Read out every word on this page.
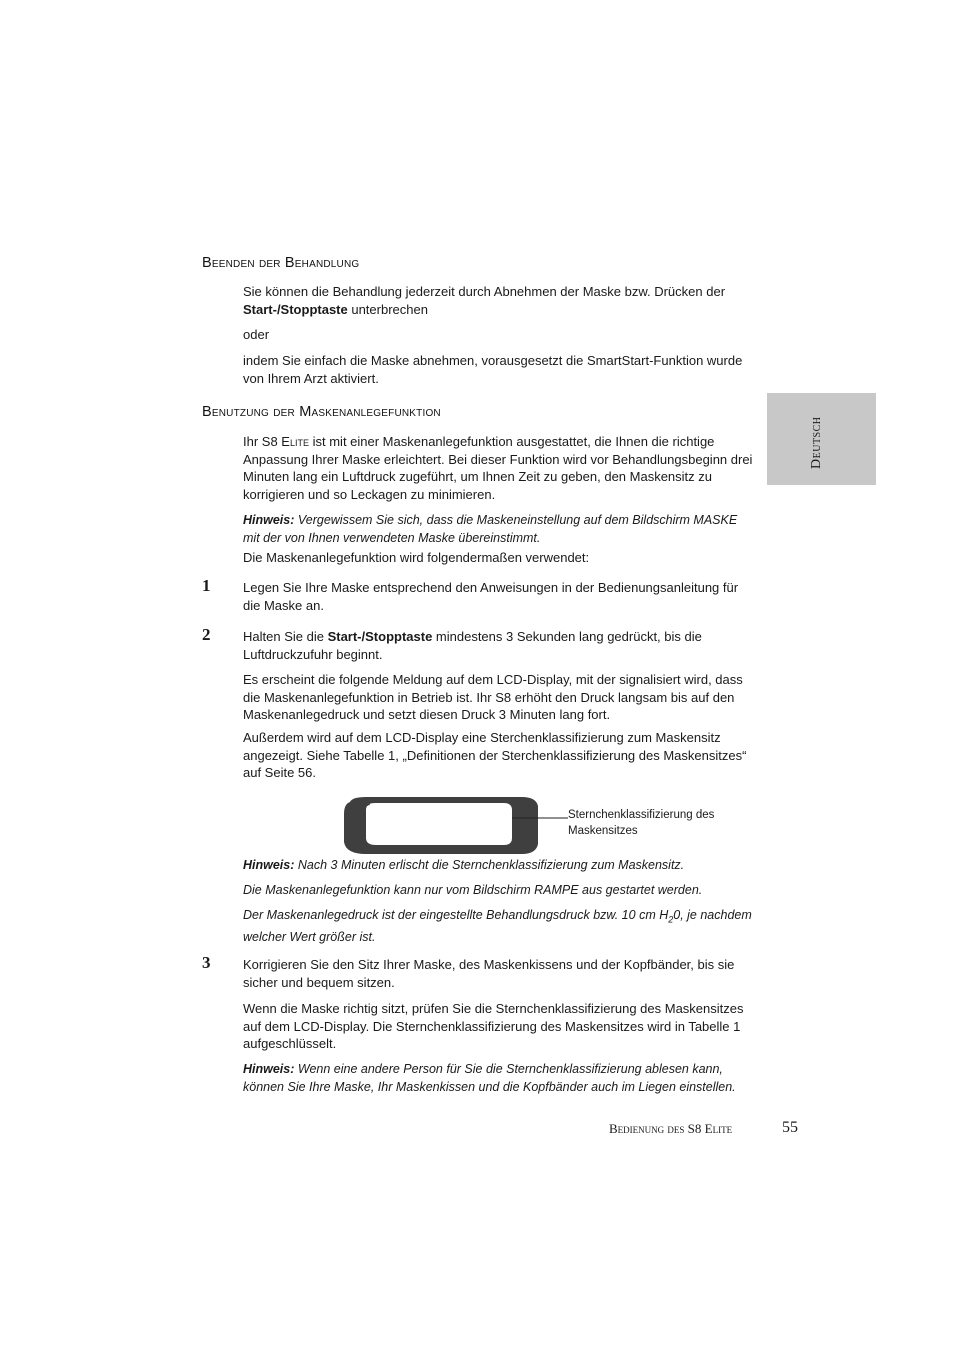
Beenden der Behandlung

Sie können die Behandlung jederzeit durch Abnehmen der Maske bzw. Drücken der Start-/Stopptaste unterbrechen

oder

indem Sie einfach die Maske abnehmen, vorausgesetzt die SmartStart-Funktion wurde von Ihrem Arzt aktiviert.

Deutsch
Benutzung der Maskenanlegefunktion

Ihr S8 Elite ist mit einer Maskenanlegefunktion ausgestattet, die Ihnen die richtige Anpassung Ihrer Maske erleichtert. Bei dieser Funktion wird vor Behandlungsbeginn drei Minuten lang ein Luftdruck zugeführt, um Ihnen Zeit zu geben, den Maskensitz zu korrigieren und so Leckagen zu minimieren.

Hinweis: Vergewissem Sie sich, dass die Maskeneinstellung auf dem Bildschirm MASKE mit der von Ihnen verwendeten Maske übereinstimmt.

Die Maskenanlegefunktion wird folgendermaßen verwendet:

1	Legen Sie Ihre Maske entsprechend den Anweisungen in der Bedienungsanleitung für die Maske an.

2	Halten Sie die Start-/Stopptaste mindestens 3 Sekunden lang gedrückt, bis die Luftdruckzufuhr beginnt.

Es erscheint die folgende Meldung auf dem LCD-Display, mit der signalisiert wird, dass die Maskenanlegefunktion in Betrieb ist. Ihr S8 erhöht den Druck langsam bis auf den Maskenanlegedruck und setzt diesen Druck 3 Minuten lang fort.

Außerdem wird auf dem LCD-Display eine Sterchenklassifizierung zum Maskensitz angezeigt. Siehe Tabelle 1, „Definitionen der Sterchenklassifizierung des Maskensitzes“ auf Seite 56.

Sternchenklassifizierung des Maskensitzes

Hinweis: Nach 3 Minuten erlischt die Sternchenklassifizierung zum Maskensitz.

Die Maskenanlegefunktion kann nur vom Bildschirm RAMPE aus gestartet werden.

Der Maskenanlegedruck ist der eingestellte Behandlungsdruck bzw. 10 cm $H_20$, je nachdem welcher Wert größer ist.

3	Korrigieren Sie den Sitz Ihrer Maske, des Maskenkissens und der Kopfbänder, bis sie sicher und bequem sitzen.

Wenn die Maske richtig sitzt, prüfen Sie die Sternchenklassifizierung des Maskensitzes auf dem LCD-Display. Die Sternchenklassifizierung des Maskensitzes wird in Tabelle 1 aufgeschlüsselt.

Hinweis: Wenn eine andere Person für Sie die Sternchenklassifizierung ablesen kann, können Sie Ihre Maske, Ihr Maskenkissen und die Kopfbänder auch im Liegen einstellen.

Bedienung des S8 Elite	55
